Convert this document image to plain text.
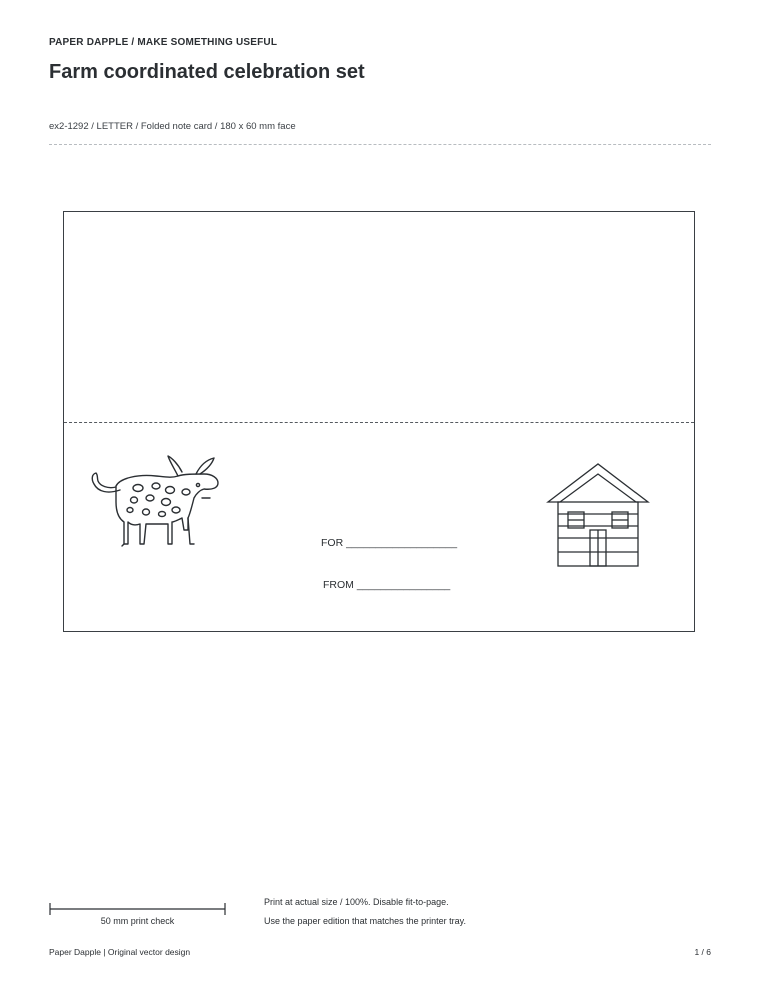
PAPER DAPPLE / MAKE SOMETHING USEFUL
Farm coordinated celebration set
ex2-1292 / LETTER / Folded note card / 180 x 60 mm face
FOR ___________________
FROM ________________
50 mm print check
Print at actual size / 100%. Disable fit-to-page.
Use the paper edition that matches the printer tray.
Paper Dapple | Original vector design	1 / 6
